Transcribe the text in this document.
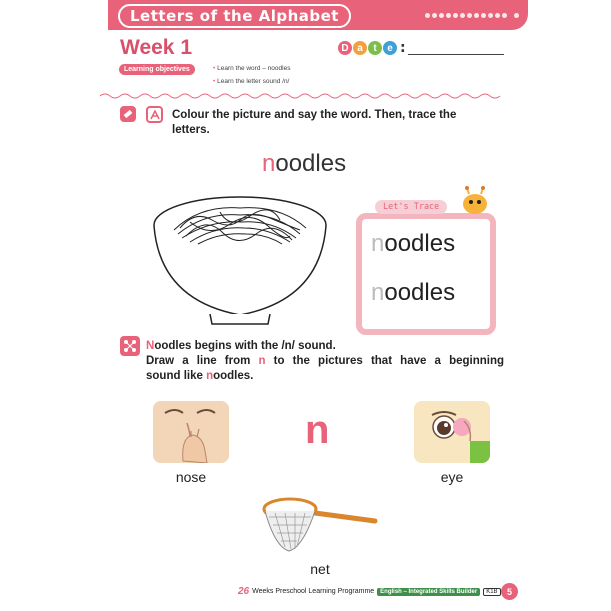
Letters of the Alphabet

Week 1	D a	t	e :
Learning objectives	• Learn the word – noodles
• Learn the letter sound /n/
Colour the picture and say the word. Then, trace the
letters.
noodles
Let's Trace
noodles
noodles
Noodles begins with the /n/ sound.
Draw a line from n to the pictures that have a beginning
sound like noodles.
nose
n
eye
net
26 Weeks Preschool Learning Programme	English – Integrated Skills Builder	K1B	5
